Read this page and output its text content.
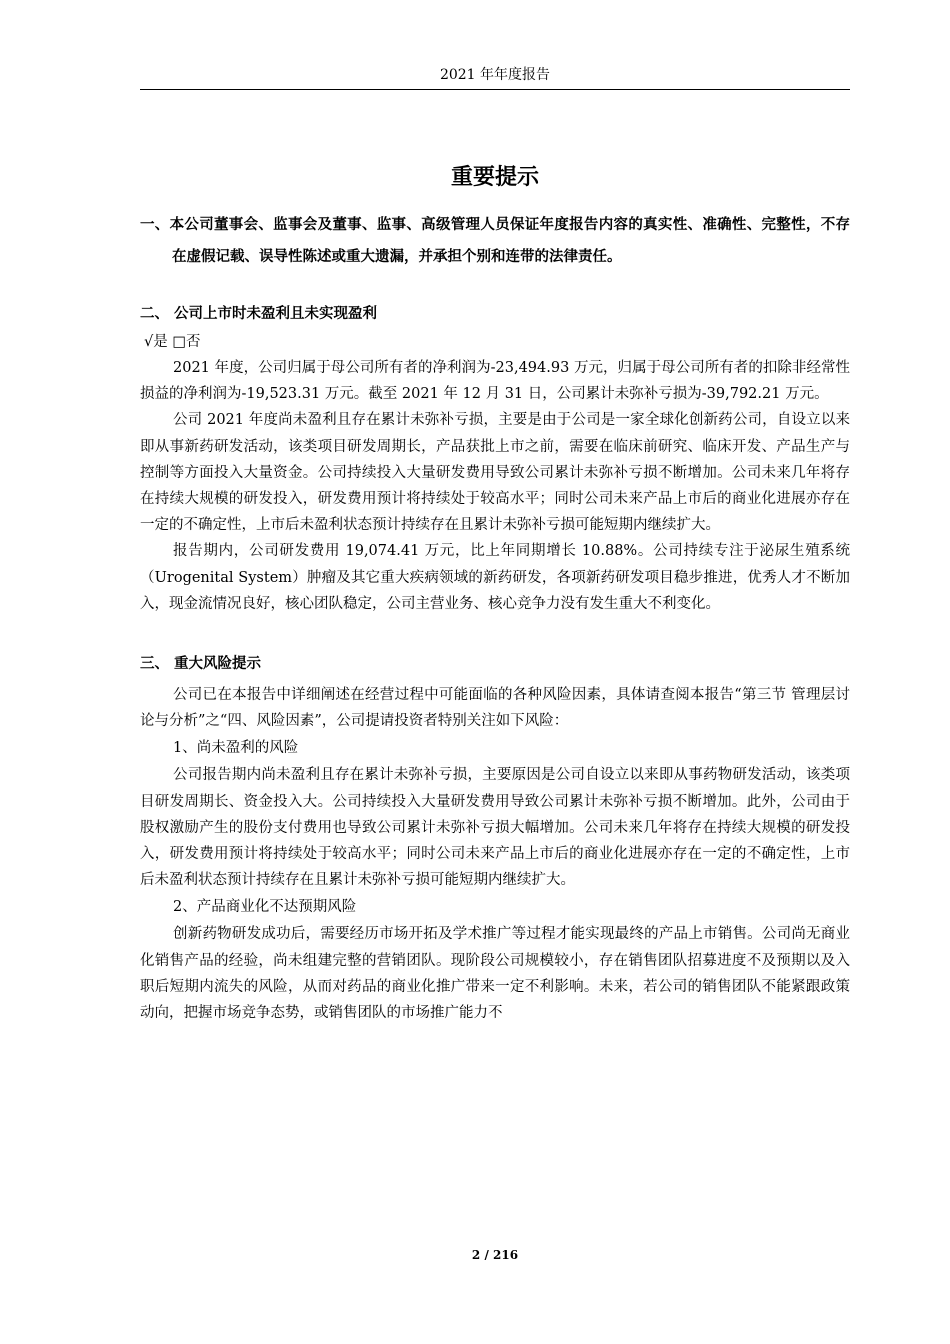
2021 年年度报告
重要提示

一、本公司董事会、监事会及董事、监事、高级管理人员保证年度报告内容的真实性、准确性、完整性，不存在虚假记载、误导性陈述或重大遗漏，并承担个别和连带的法律责任。

二、 公司上市时未盈利且未实现盈利

√是 □否

2021 年度，公司归属于母公司所有者的净利润为-23,494.93 万元，归属于母公司所有者的扣除非经常性损益的净利润为-19,523.31 万元。截至 2021 年 12 月 31 日，公司累计未弥补亏损为-39,792.21 万元。

公司 2021 年度尚未盈利且存在累计未弥补亏损，主要是由于公司是一家全球化创新药公司，自设立以来即从事新药研发活动，该类项目研发周期长，产品获批上市之前，需要在临床前研究、临床开发、产品生产与控制等方面投入大量资金。公司持续投入大量研发费用导致公司累计未弥补亏损不断增加。公司未来几年将存在持续大规模的研发投入，研发费用预计将持续处于较高水平；同时公司未来产品上市后的商业化进展亦存在一定的不确定性，上市后未盈利状态预计持续存在且累计未弥补亏损可能短期内继续扩大。

报告期内，公司研发费用 19,074.41 万元，比上年同期增长 10.88%。公司持续专注于泌尿生殖系统（Urogenital System）肿瘤及其它重大疾病领域的新药研发，各项新药研发项目稳步推进，优秀人才不断加入，现金流情况良好，核心团队稳定，公司主营业务、核心竞争力没有发生重大不利变化。

三、 重大风险提示

公司已在本报告中详细阐述在经营过程中可能面临的各种风险因素，具体请查阅本报告“第三节 管理层讨论与分析”之“四、风险因素”，公司提请投资者特别关注如下风险：

1、尚未盈利的风险

公司报告期内尚未盈利且存在累计未弥补亏损，主要原因是公司自设立以来即从事药物研发活动，该类项目研发周期长、资金投入大。公司持续投入大量研发费用导致公司累计未弥补亏损不断增加。此外，公司由于股权激励产生的股份支付费用也导致公司累计未弥补亏损大幅增加。公司未来几年将存在持续大规模的研发投入，研发费用预计将持续处于较高水平；同时公司未来产品上市后的商业化进展亦存在一定的不确定性，上市后未盈利状态预计持续存在且累计未弥补亏损可能短期内继续扩大。

2、产品商业化不达预期风险

创新药物研发成功后，需要经历市场开拓及学术推广等过程才能实现最终的产品上市销售。公司尚无商业化销售产品的经验，尚未组建完整的营销团队。现阶段公司规模较小，存在销售团队招募进度不及预期以及入职后短期内流失的风险，从而对药品的商业化推广带来一定不利影响。未来，若公司的销售团队不能紧跟政策动向，把握市场竞争态势，或销售团队的市场推广能力不

2 / 216
